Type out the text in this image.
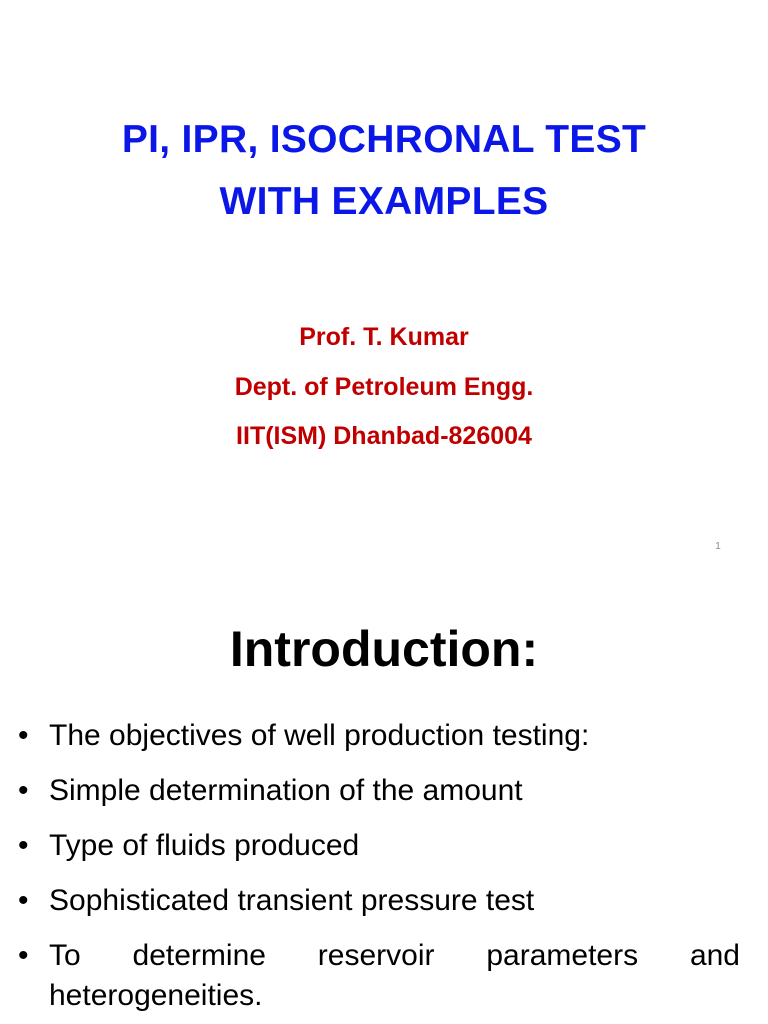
PI, IPR, ISOCHRONAL TEST
WITH EXAMPLES
Prof. T. Kumar
Dept. of Petroleum Engg.
IIT(ISM) Dhanbad-826004
1
Introduction:
• The objectives of well production testing:
• Simple determination of the amount
• Type of fluids produced
• Sophisticated transient pressure test
• To determine reservoir parameters and heterogeneities.
